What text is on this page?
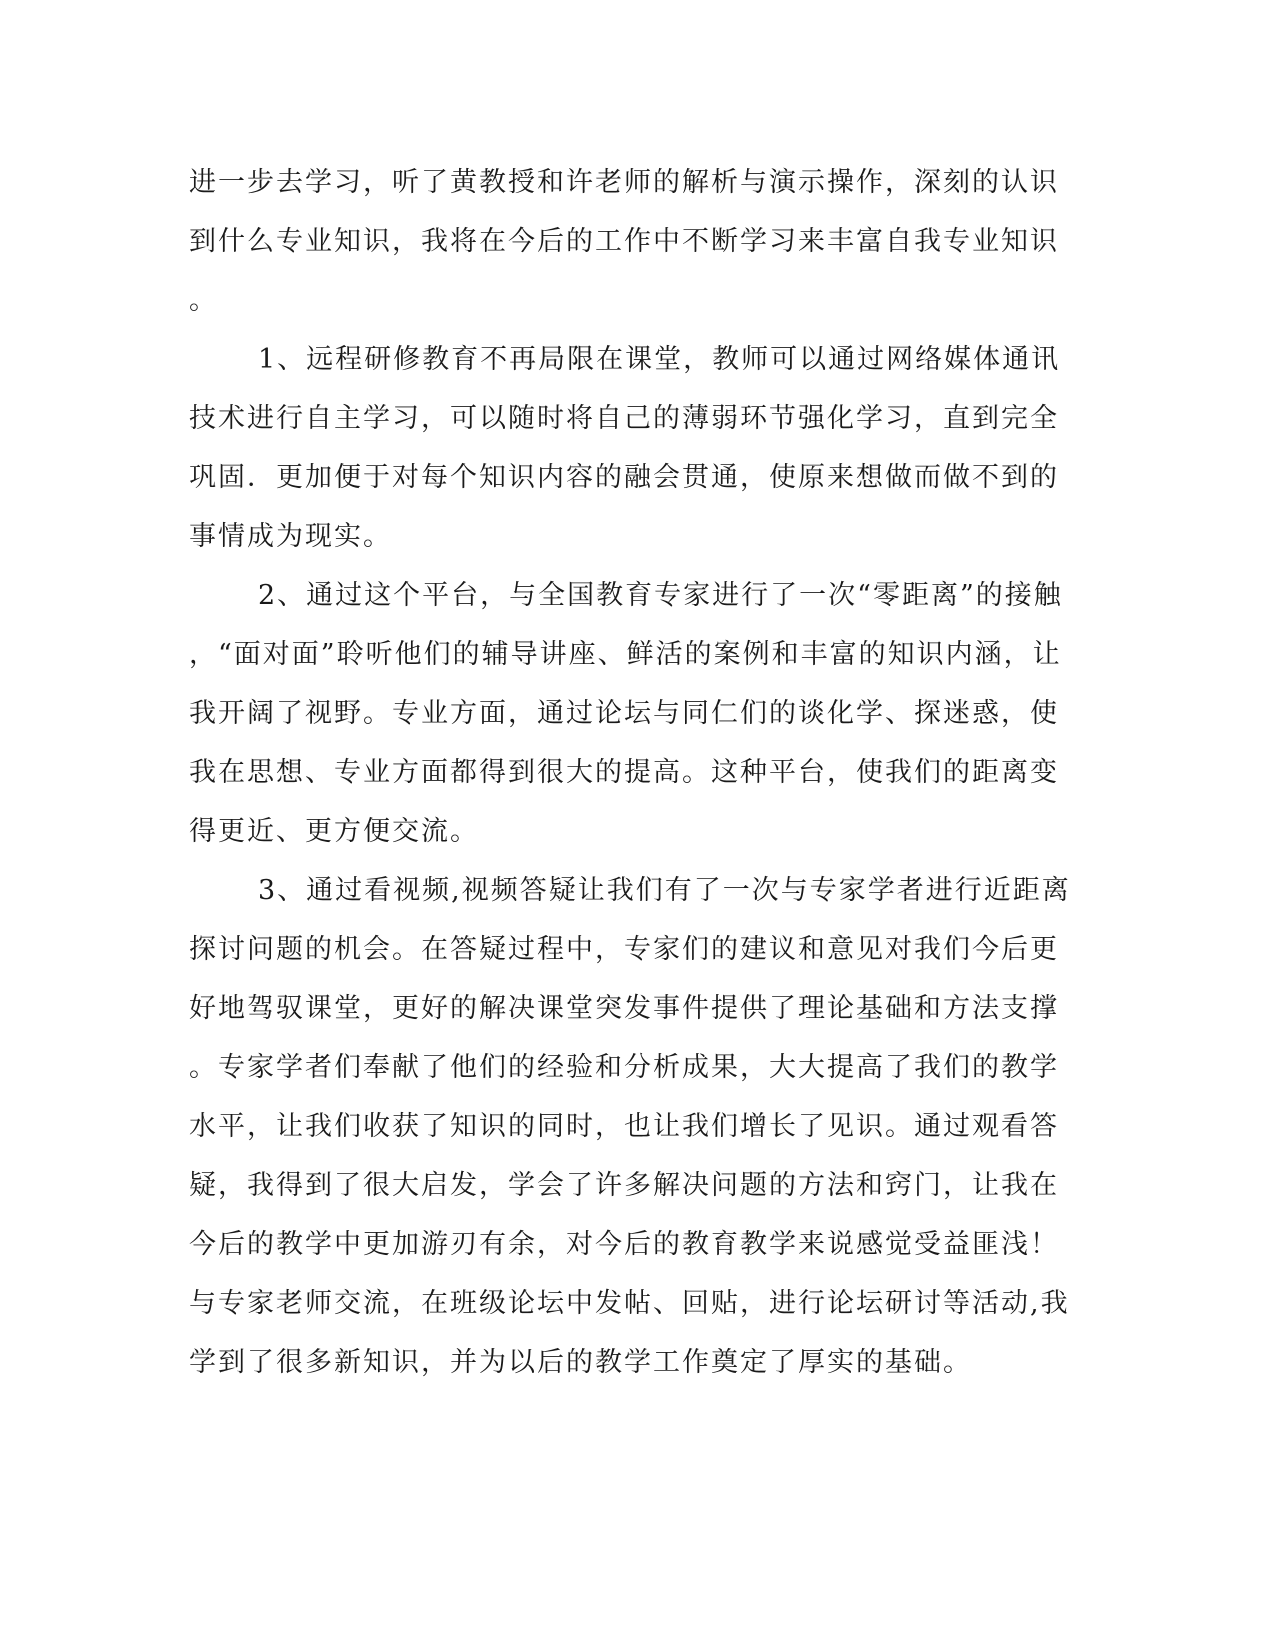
进一步去学习，听了黄教授和许老师的解析与演示操作，深刻的认识
到什么专业知识，我将在今后的工作中不断学习来丰富自我专业知识
。
1、远程研修教育不再局限在课堂，教师可以通过网络媒体通讯
技术进行自主学习，可以随时将自己的薄弱环节强化学习，直到完全
巩固．更加便于对每个知识内容的融会贯通，使原来想做而做不到的
事情成为现实。
2、通过这个平台，与全国教育专家进行了一次“零距离”的接触
，“面对面”聆听他们的辅导讲座、鲜活的案例和丰富的知识内涵，让
我开阔了视野。专业方面，通过论坛与同仁们的谈化学、探迷惑，使
我在思想、专业方面都得到很大的提高。这种平台，使我们的距离变
得更近、更方便交流。
3、通过看视频,视频答疑让我们有了一次与专家学者进行近距离
探讨问题的机会。在答疑过程中，专家们的建议和意见对我们今后更
好地驾驭课堂，更好的解决课堂突发事件提供了理论基础和方法支撑
。专家学者们奉献了他们的经验和分析成果，大大提高了我们的教学
水平，让我们收获了知识的同时，也让我们增长了见识。通过观看答
疑，我得到了很大启发，学会了许多解决问题的方法和窍门，让我在
今后的教学中更加游刃有余，对今后的教育教学来说感觉受益匪浅！
与专家老师交流，在班级论坛中发帖、回贴，进行论坛研讨等活动,我
学到了很多新知识，并为以后的教学工作奠定了厚实的基础。
